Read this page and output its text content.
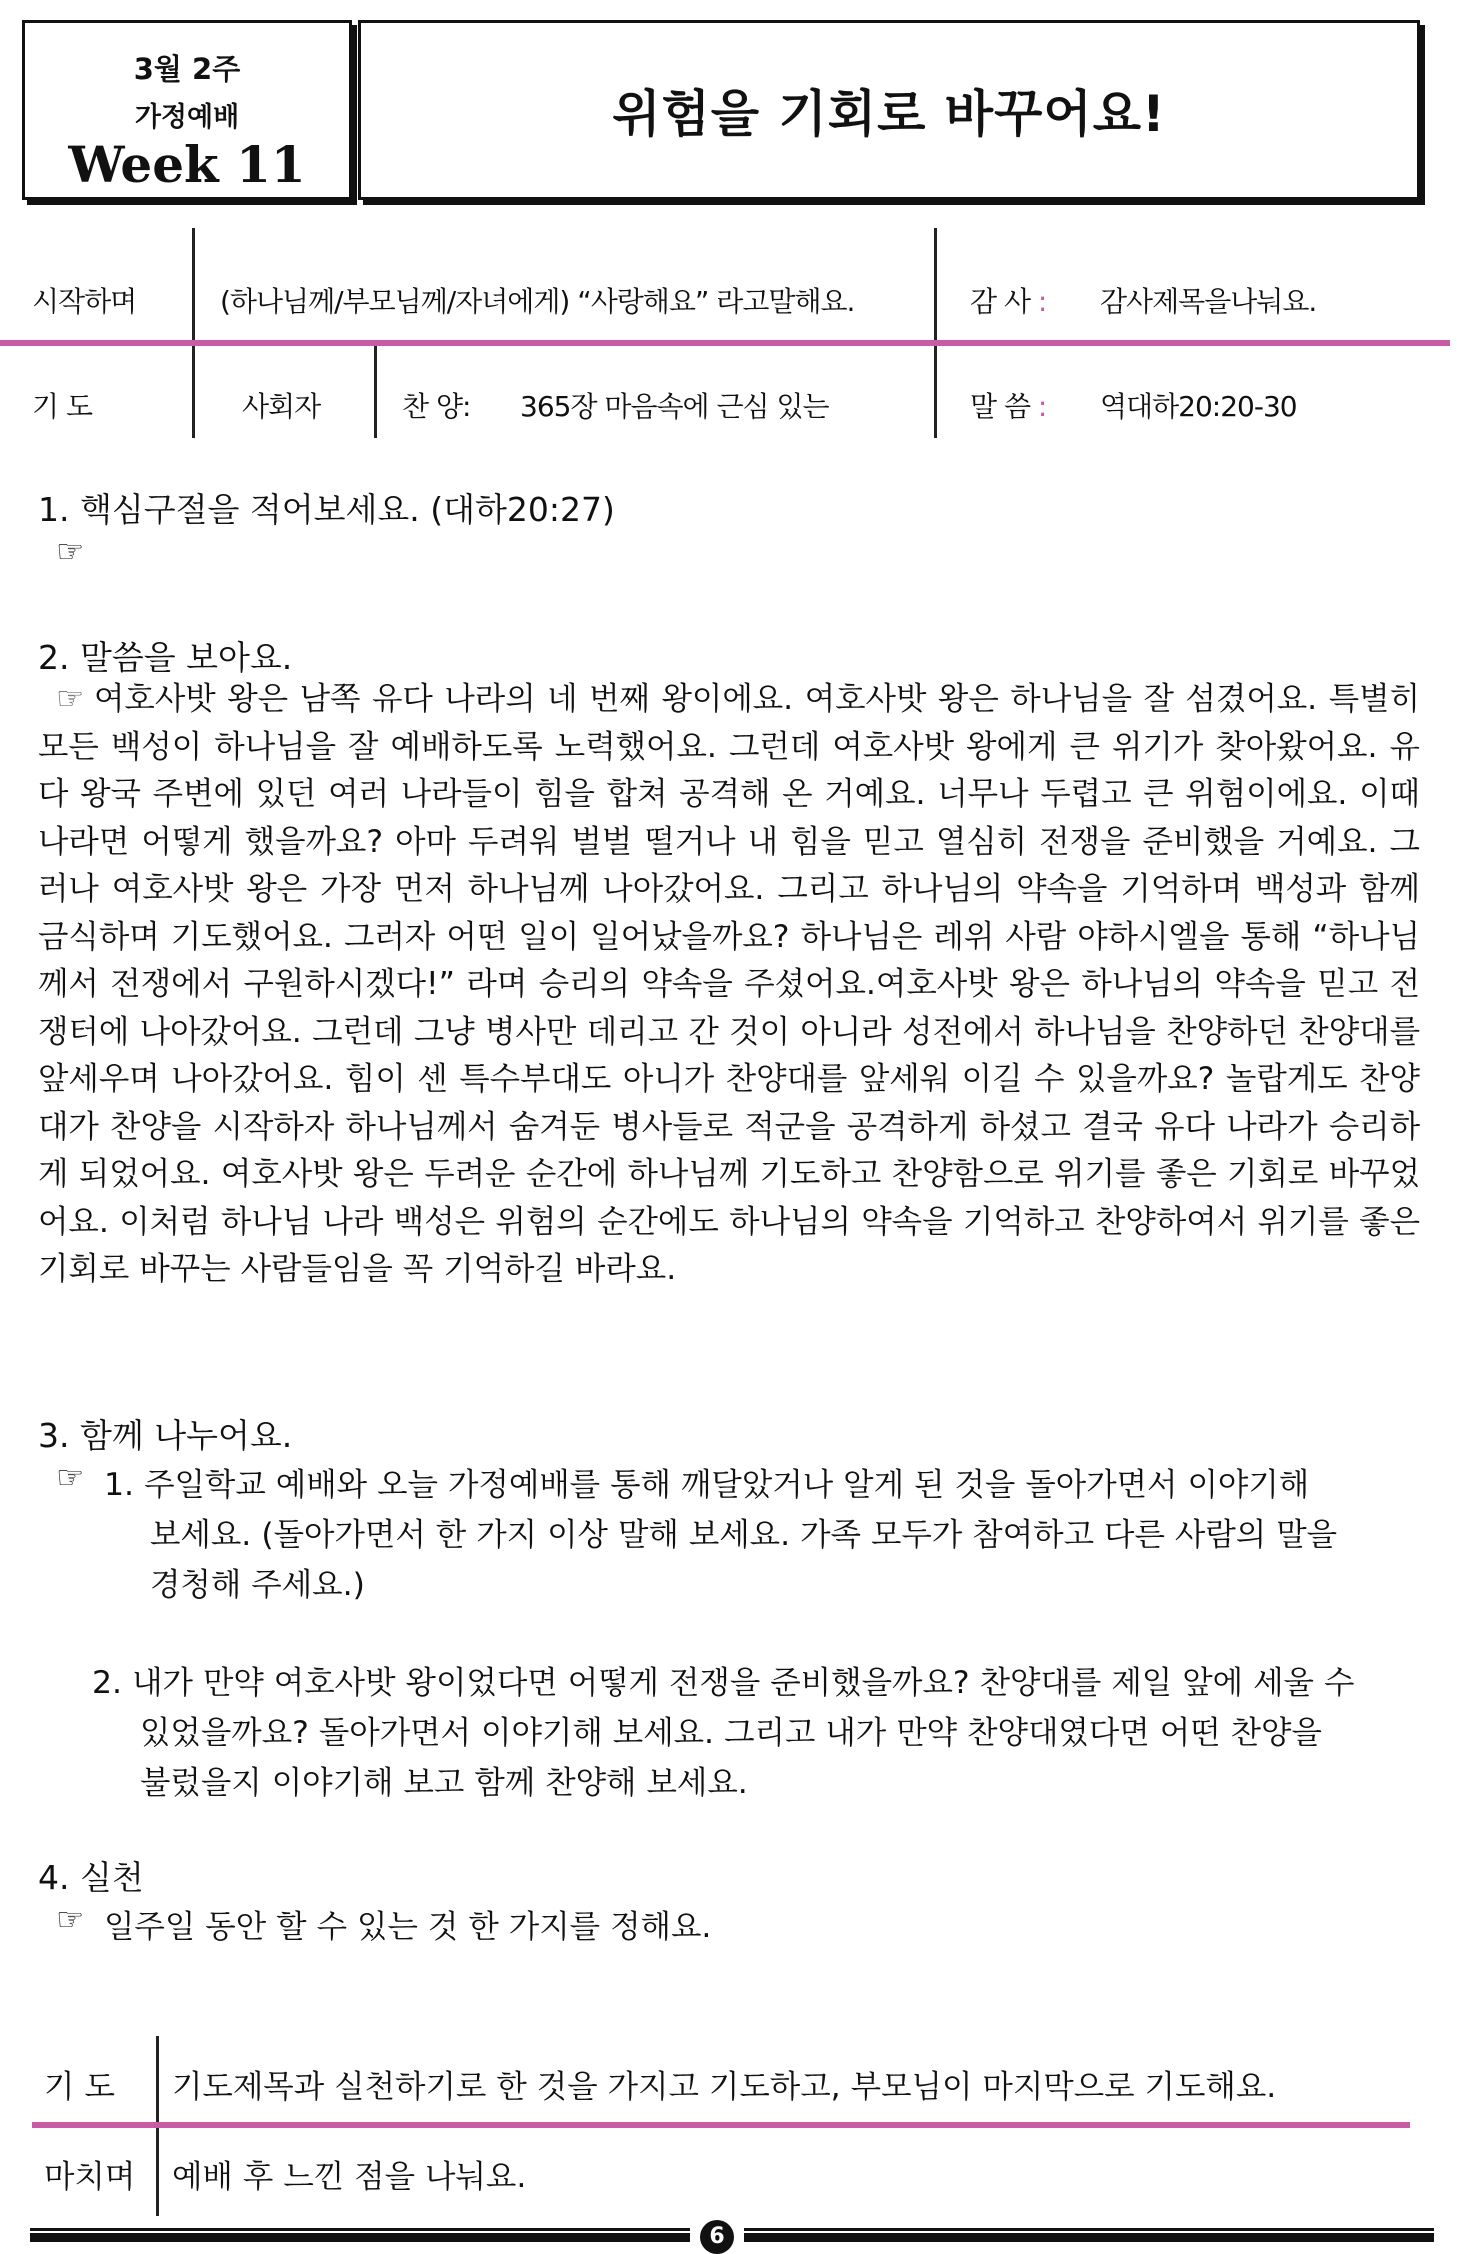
3월 2주
가정예배
Week 11
위험을 기회로 바꾸어요!
시작하며	(하나님께/부모님께/자녀에게) “사랑해요” 라고말해요.	감 사 : 감사제목을나눠요.
기 도	사회자	찬 양: 365장 마음속에 근심 있는	말 씀 : 역대하20:20-30
1. 핵심구절을 적어보세요. (대하20:27)
☞
2. 말씀을 보아요.
☞ 여호사밧 왕은 남쪽 유다 나라의 네 번째 왕이에요. 여호사밧 왕은 하나님을 잘 섬겼어요. 특별히 모든 백성이 하나님을 잘 예배하도록 노력했어요. 그런데 여호사밧 왕에게 큰 위기가 찾아왔어요. 유다 왕국 주변에 있던 여러 나라들이 힘을 합쳐 공격해 온 거예요. 너무나 두렵고 큰 위험이에요. 이때 나라면 어떻게 했을까요? 아마 두려워 벌벌 떨거나 내 힘을 믿고 열심히 전쟁을 준비했을 거예요. 그러나 여호사밧 왕은 가장 먼저 하나님께 나아갔어요. 그리고 하나님의 약속을 기억하며 백성과 함께 금식하며 기도했어요. 그러자 어떤 일이 일어났을까요? 하나님은 레위 사람 야하시엘을 통해 “하나님께서 전쟁에서 구원하시겠다!” 라며 승리의 약속을 주셨어요.여호사밧 왕은 하나님의 약속을 믿고 전쟁터에 나아갔어요. 그런데 그냥 병사만 데리고 간 것이 아니라 성전에서 하나님을 찬양하던 찬양대를 앞세우며 나아갔어요. 힘이 센 특수부대도 아니가 찬양대를 앞세워 이길 수 있을까요? 놀랍게도 찬양대가 찬양을 시작하자 하나님께서 숨겨둔 병사들로 적군을 공격하게 하셨고 결국 유다 나라가 승리하게 되었어요. 여호사밧 왕은 두려운 순간에 하나님께 기도하고 찬양함으로 위기를 좋은 기회로 바꾸었어요. 이처럼 하나님 나라 백성은 위험의 순간에도 하나님의 약속을 기억하고 찬양하여서 위기를 좋은 기회로 바꾸는 사람들임을 꼭 기억하길 바라요.
3. 함께 나누어요.
☞ 1. 주일학교 예배와 오늘 가정예배를 통해 깨달았거나 알게 된 것을 돌아가면서 이야기해
보세요. (돌아가면서 한 가지 이상 말해 보세요. 가족 모두가 참여하고 다른 사람의 말을
경청해 주세요.)
2. 내가 만약 여호사밧 왕이었다면 어떻게 전쟁을 준비했을까요? 찬양대를 제일 앞에 세울 수
있었을까요? 돌아가면서 이야기해 보세요. 그리고 내가 만약 찬양대였다면 어떤 찬양을
불렀을지 이야기해 보고 함께 찬양해 보세요.
4. 실천
☞ 일주일 동안 할 수 있는 것 한 가지를 정해요.
기 도 기도제목과 실천하기로 한 것을 가지고 기도하고, 부모님이 마지막으로 기도해요.
마치며 예배 후 느낀 점을 나눠요.
6
